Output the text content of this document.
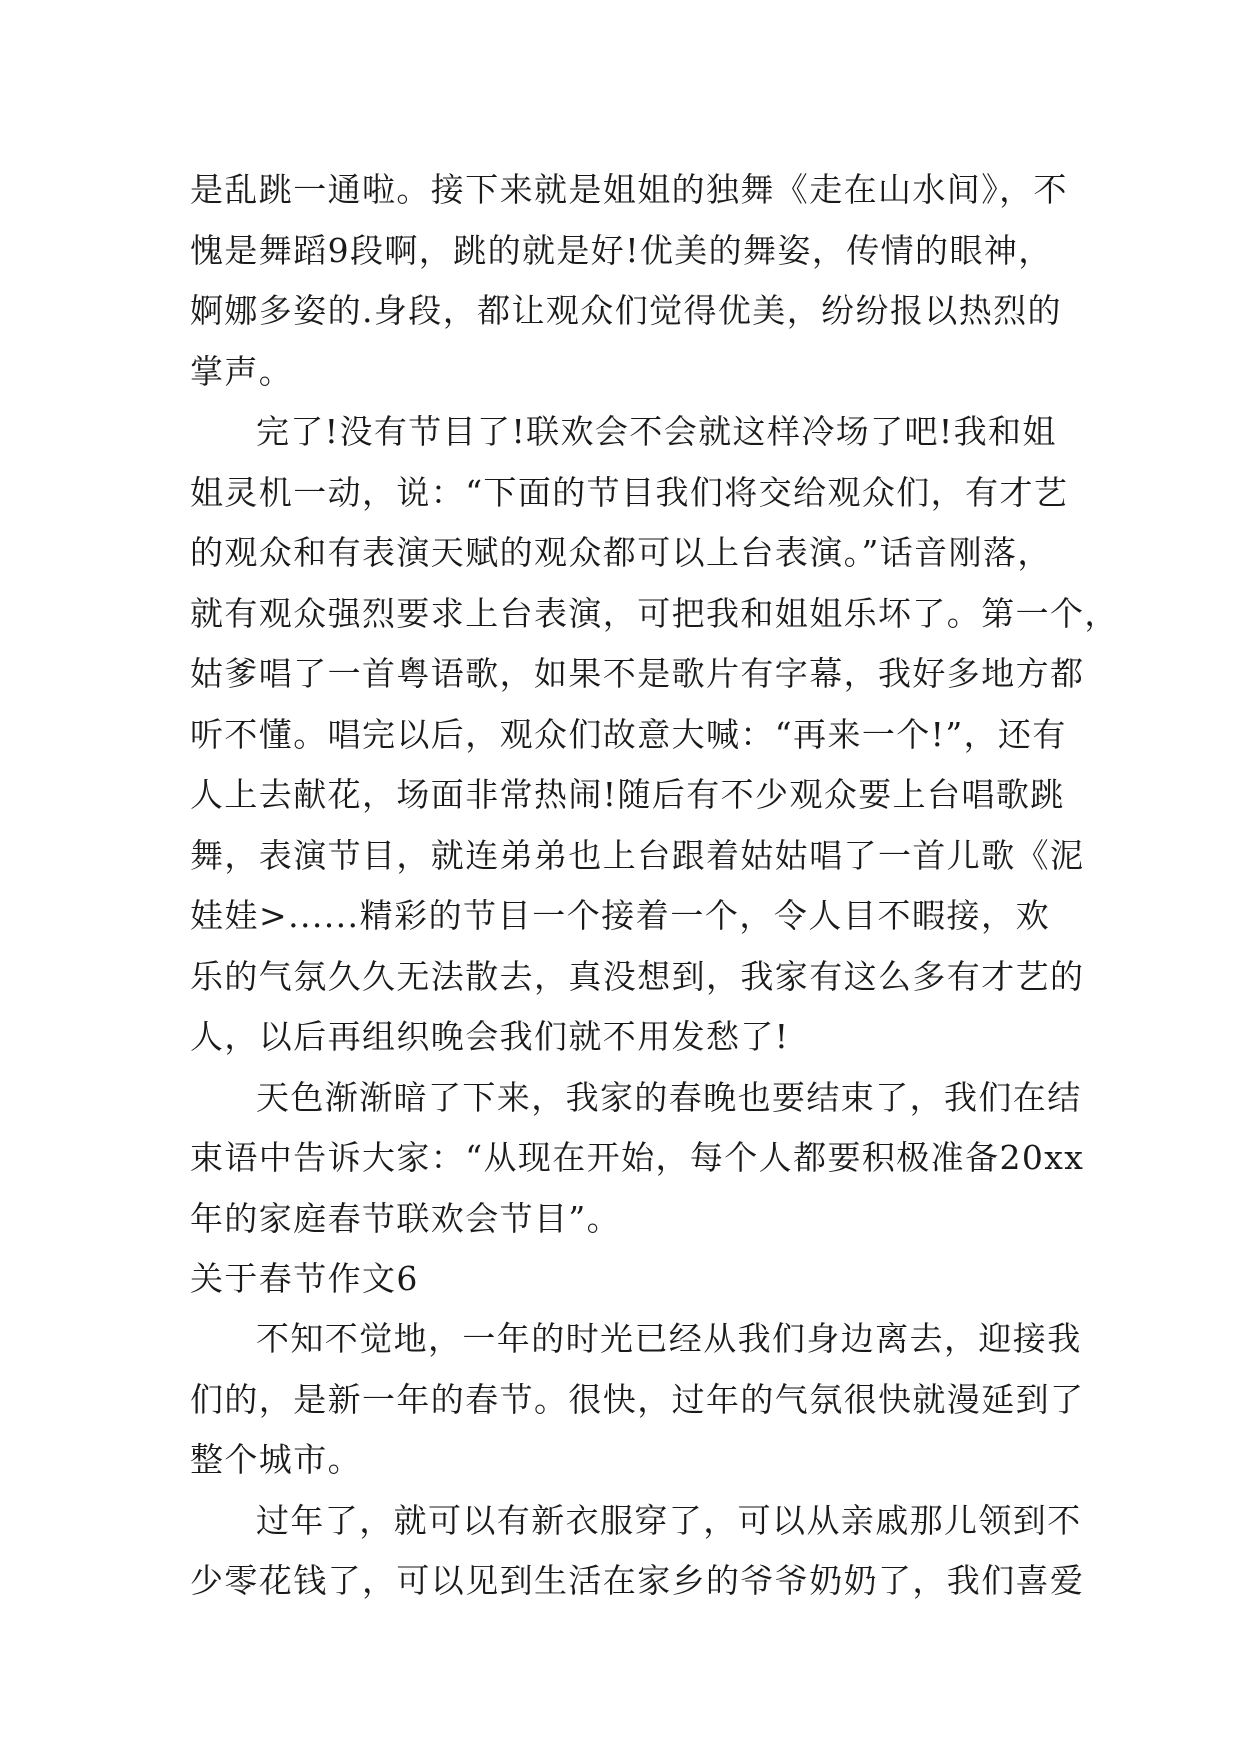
是乱跳一通啦。接下来就是姐姐的独舞《走在山水间》，不
愧是舞蹈9段啊，跳的就是好!优美的舞姿，传情的眼神，
婀娜多姿的.身段，都让观众们觉得优美，纷纷报以热烈的
掌声。
完了!没有节目了!联欢会不会就这样冷场了吧!我和姐
姐灵机一动，说：“下面的节目我们将交给观众们，有才艺
的观众和有表演天赋的观众都可以上台表演。”话音刚落，
就有观众强烈要求上台表演，可把我和姐姐乐坏了。第一个，
姑爹唱了一首粤语歌，如果不是歌片有字幕，我好多地方都
听不懂。唱完以后，观众们故意大喊：“再来一个!”，还有
人上去献花，场面非常热闹!随后有不少观众要上台唱歌跳
舞，表演节目，就连弟弟也上台跟着姑姑唱了一首儿歌《泥
娃娃>......精彩的节目一个接着一个，令人目不暇接，欢
乐的气氛久久无法散去，真没想到，我家有这么多有才艺的
人，以后再组织晚会我们就不用发愁了!
天色渐渐暗了下来，我家的春晚也要结束了，我们在结
束语中告诉大家：“从现在开始，每个人都要积极准备20xx
年的家庭春节联欢会节目”。
关于春节作文6
不知不觉地，一年的时光已经从我们身边离去，迎接我
们的，是新一年的春节。很快，过年的气氛很快就漫延到了
整个城市。
过年了，就可以有新衣服穿了，可以从亲戚那儿领到不
少零花钱了，可以见到生活在家乡的爷爷奶奶了，我们喜爱
